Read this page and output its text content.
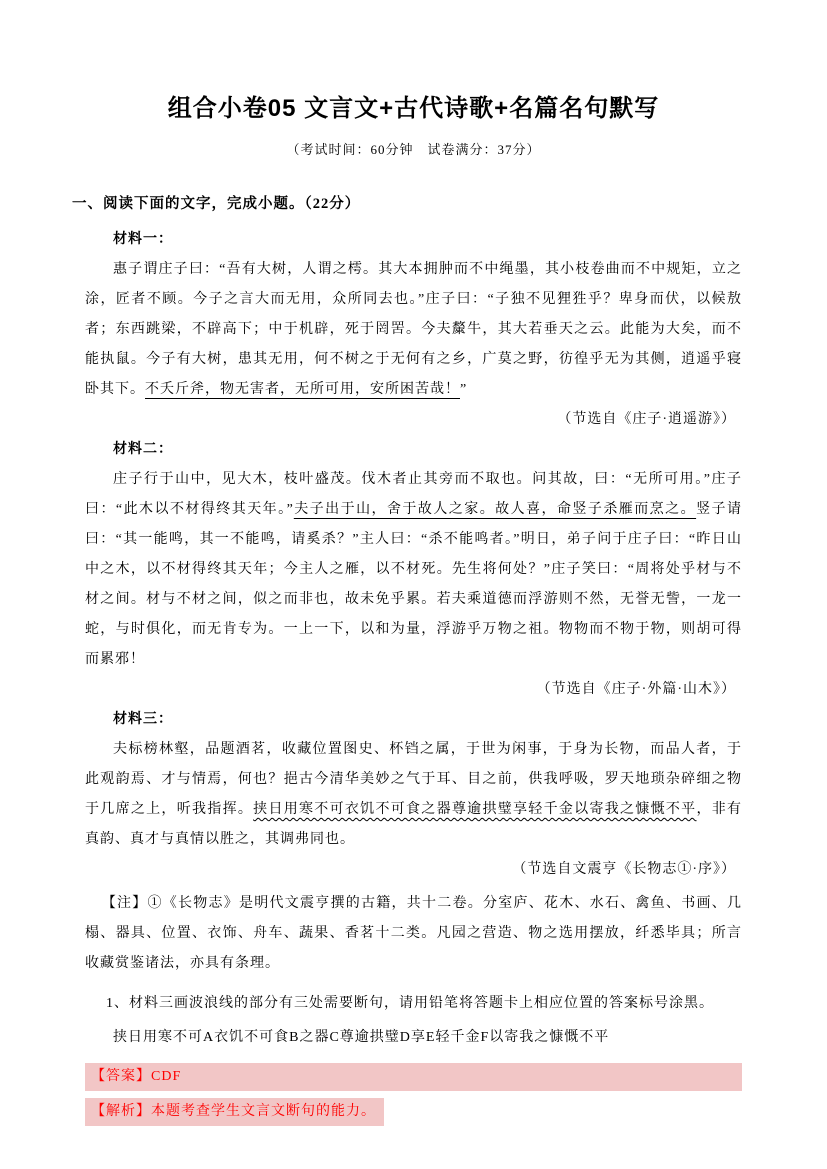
组合小卷05 文言文+古代诗歌+名篇名句默写

（考试时间：60分钟　试卷满分：37分）

一、阅读下面的文字，完成小题。（22分）

材料一：

惠子谓庄子曰：“吾有大树，人谓之樗。其大本拥肿而不中绳墨，其小枝卷曲而不中规矩，立之涂，匠者不顾。今子之言大而无用，众所同去也。”庄子曰：“子独不见狸狌乎？卑身而伏，以候敖者；东西跳梁，不辟高下；中于机辟，死于罔罟。今夫斄牛，其大若垂天之云。此能为大矣，而不能执鼠。今子有大树，患其无用，何不树之于无何有之乡，广莫之野，彷徨乎无为其侧，逍遥乎寝卧其下。不夭斤斧，物无害者，无所可用，安所困苦哉！”

（节选自《庄子·逍遥游》）

材料二：

庄子行于山中，见大木，枝叶盛茂。伐木者止其旁而不取也。问其故，曰：“无所可用。”庄子曰：“此木以不材得终其天年。”夫子出于山，舍于故人之家。故人喜，命竖子杀雁而烹之。竖子请曰：“其一能鸣，其一不能鸣，请奚杀？”主人曰：“杀不能鸣者。”明日，弟子问于庄子曰：“昨日山中之木，以不材得终其天年；今主人之雁，以不材死。先生将何处？”庄子笑曰：“周将处乎材与不材之间。材与不材之间，似之而非也，故未免乎累。若夫乘道德而浮游则不然，无誉无訾，一龙一蛇，与时俱化，而无肯专为。一上一下，以和为量，浮游乎万物之祖。物物而不物于物，则胡可得而累邪！

（节选自《庄子·外篇·山木》）

材料三：

夫标榜林壑，品题酒茗，收藏位置图史、杯铛之属，于世为闲事，于身为长物，而品人者，于此观韵焉、才与情焉，何也？挹古今清华美妙之气于耳、目之前，供我呼吸，罗天地琐杂碎细之物于几席之上，听我指挥。挟日用寒不可衣饥不可食之器尊逾拱璧享轻千金以寄我之慷慨不平，非有真韵、真才与真情以胜之，其调弗同也。

（节选自文震亨《长物志①·序》）

【注】①《长物志》是明代文震亨撰的古籍，共十二卷。分室庐、花木、水石、禽鱼、书画、几榻、器具、位置、衣饰、舟车、蔬果、香茗十二类。凡园之营造、物之选用摆放，纤悉毕具；所言收藏赏鉴诸法，亦具有条理。

1、材料三画波浪线的部分有三处需要断句，请用铅笔将答题卡上相应位置的答案标号涂黑。

挟日用寒不可A衣饥不可食B之器C尊逾拱璧D享E轻千金F以寄我之慷慨不平

【答案】CDF
【解析】本题考查学生文言文断句的能力。
